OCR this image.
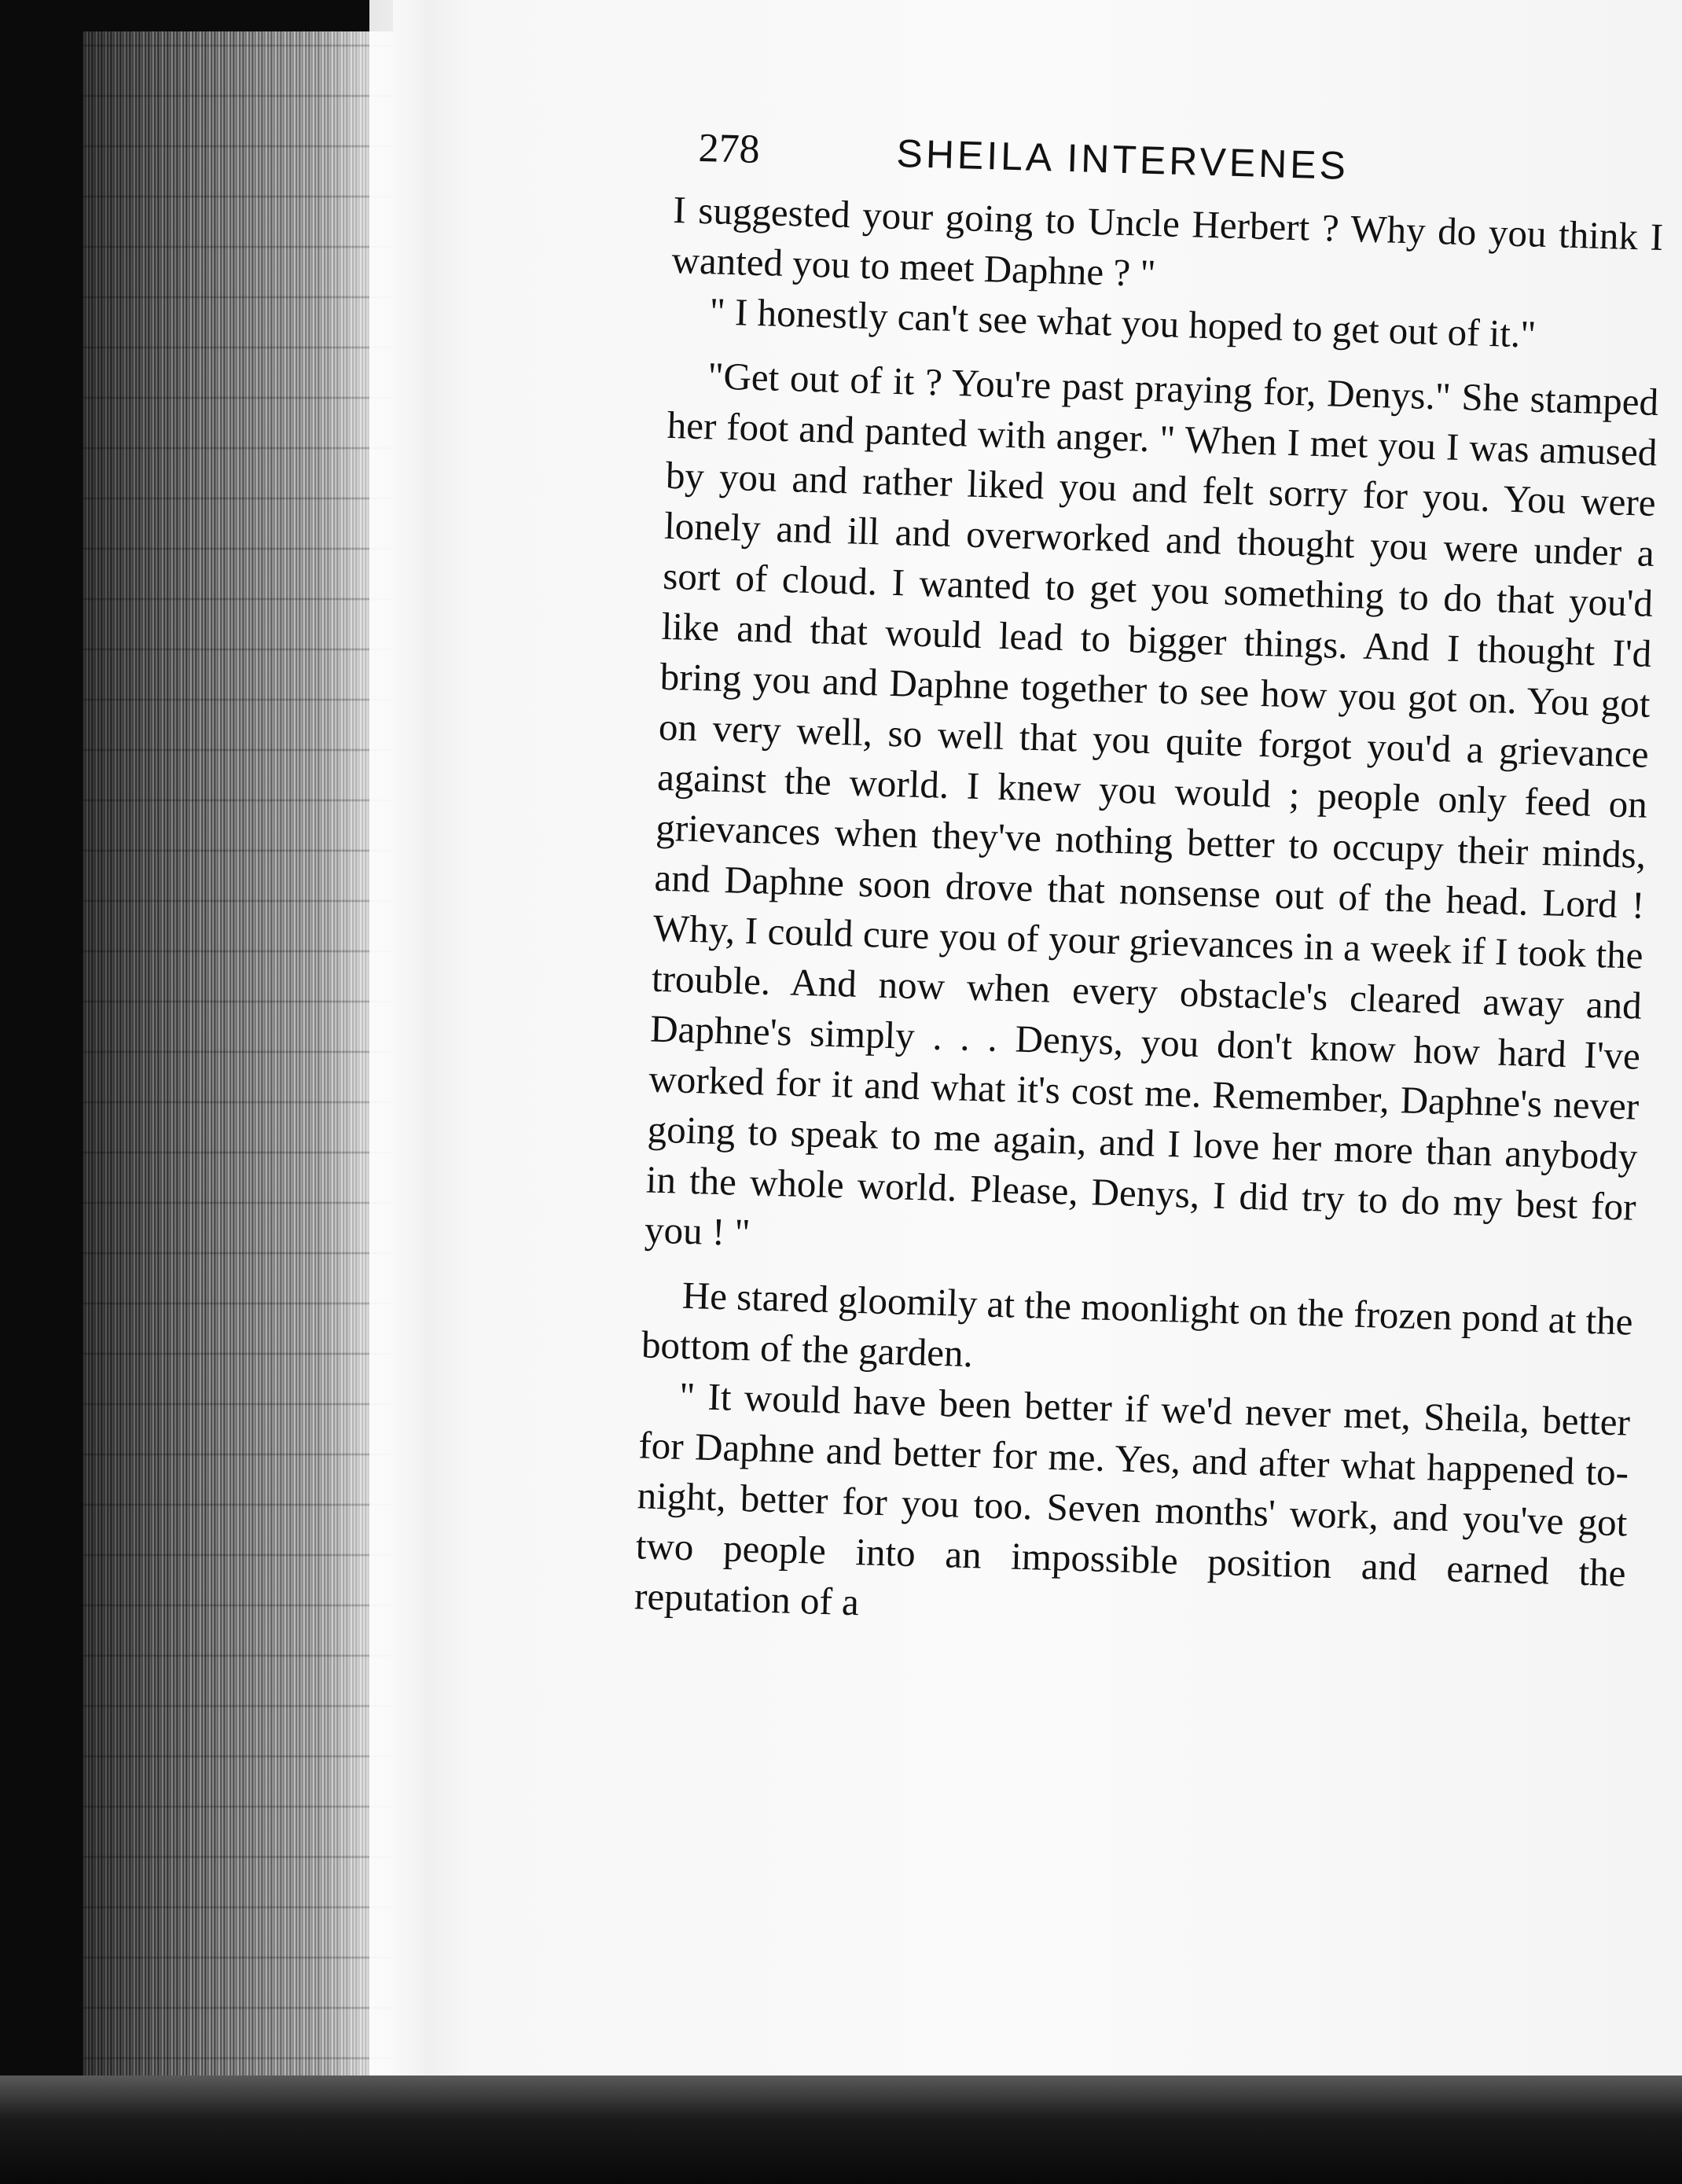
278	SHEILA INTERVENES

I suggested your going to Uncle Herbert ? Why do you think I wanted you to meet Daphne ? "

" I honestly can't see what you hoped to get out of it."

"Get out of it ? You're past praying for, Denys." She stamped her foot and panted with anger. " When I met you I was amused by you and rather liked you and felt sorry for you. You were lonely and ill and overworked and thought you were under a sort of cloud. I wanted to get you something to do that you'd like and that would lead to bigger things. And I thought I'd bring you and Daphne together to see how you got on. You got on very well, so well that you quite forgot you'd a grievance against the world. I knew you would ; people only feed on grievances when they've nothing better to occupy their minds, and Daphne soon drove that nonsense out of the head. Lord ! Why, I could cure you of your grievances in a week if I took the trouble. And now when every obstacle's cleared away and Daphne's simply . . . Denys, you don't know how hard I've worked for it and what it's cost me. Remember, Daphne's never going to speak to me again, and I love her more than anybody in the whole world. Please, Denys, I did try to do my best for you ! "

He stared gloomily at the moonlight on the frozen pond at the bottom of the garden.

" It would have been better if we'd never met, Sheila, better for Daphne and better for me. Yes, and after what happened to-night, better for you too. Seven months' work, and you've got two people into an impossible position and earned the reputation of a
